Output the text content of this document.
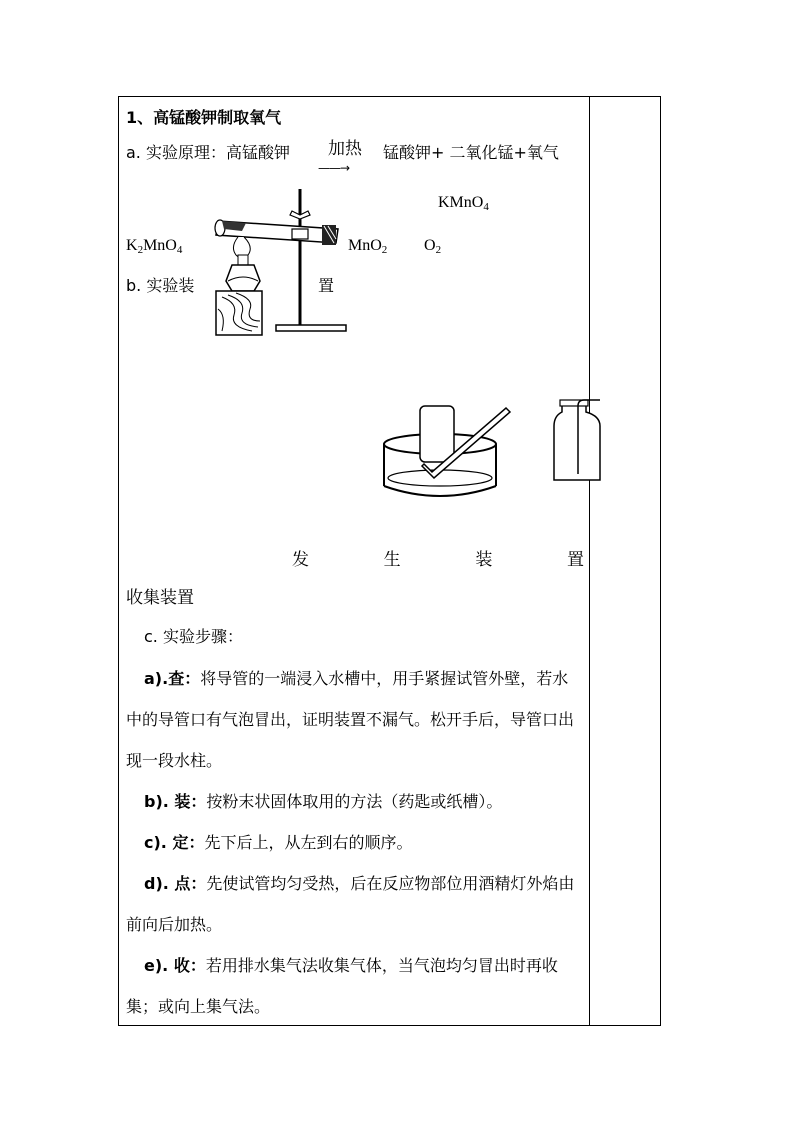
1、高锰酸钾制取氧气
a. 实验原理：高锰酸钾 加热
——→
锰酸钾+ 二氧化锰+氧气
KMnO$_4$
$K_2MnO_4$	MnO$_2$ $O_2$
b. 实验装	置
发	生	装	置
收集装置
c. 实验步骤：
a).查：将导管的一端浸入水槽中，用手紧握试管外壁，若水中的导管口有气泡冒出，证明装置不漏气。松开手后，导管口出现一段水柱。
b). 装：按粉末状固体取用的方法（药匙或纸槽）。
c). 定：先下后上，从左到右的顺序。
d). 点：先使试管均匀受热，后在反应物部位用酒精灯外焰由前向后加热。
e). 收：若用排水集气法收集气体，当气泡均匀冒出时再收集；或向上集气法。
